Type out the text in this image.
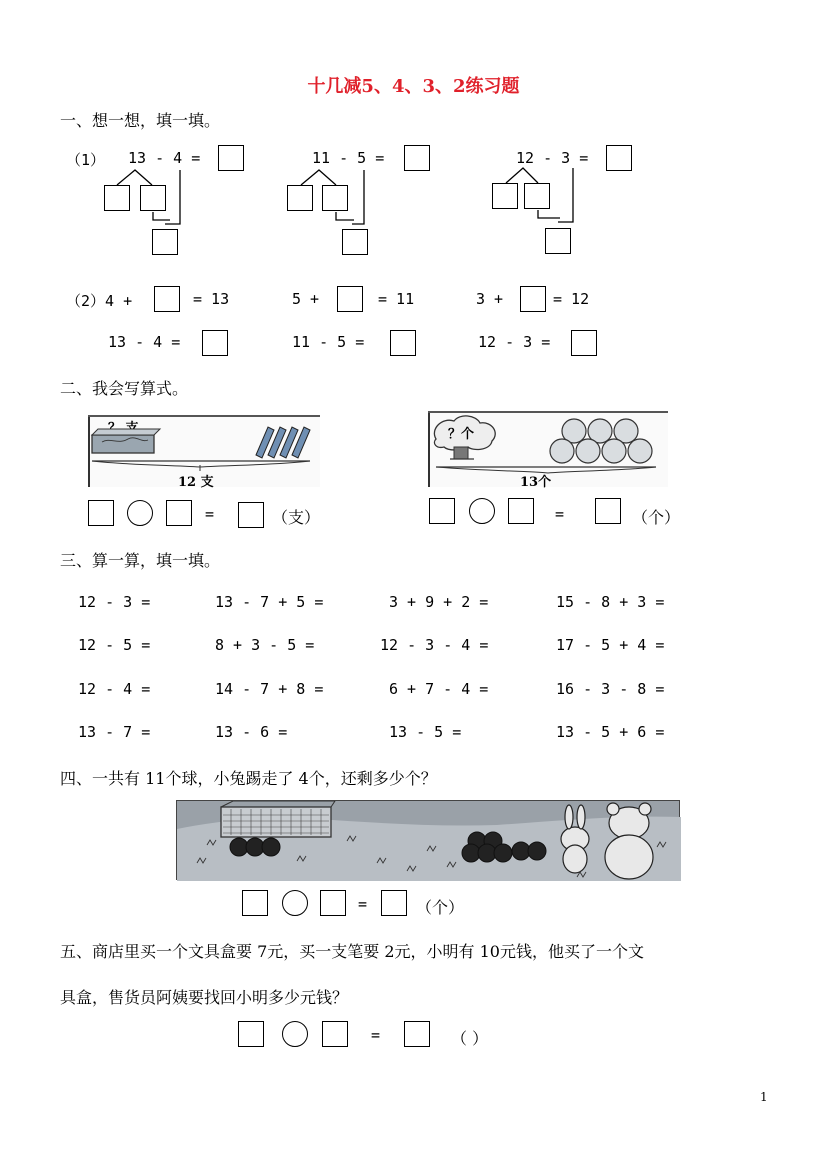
十几减5、4、3、2练习题
一、想一想，填一填。
（1） 13 - 4 =	11 - 5 =	12 - 3 =
（2）4 +	= 13	5 +	= 11	3 +	= 12
13 - 4 =	11 - 5 =	12 - 3 =
二、我会写算式。
12 支
=	（支）
？个
13个
=	（个）
三、算一算，填一填。
12 - 3 =	13 - 7 + 5 =	3 + 9 + 2 =	15 - 8 + 3 =
12 - 5 =	8 + 3 - 5 =	12 - 3 - 4 =	17 - 5 + 4 =
12 - 4 =	14 - 7 + 8 =	6 + 7 - 4 =	16 - 3 - 8 =
13 - 7 =	13 - 6 =	13 - 5 =	13 - 5 + 6 =
四、一共有 11个球，小兔踢走了 4个，还剩多少个？
=	（个）
五、商店里买一个文具盒要 7元，买一支笔要 2元，小明有 10元钱，他买了一个文
具盒，售货员阿姨要找回小明多少元钱？
=	（ ）
1
